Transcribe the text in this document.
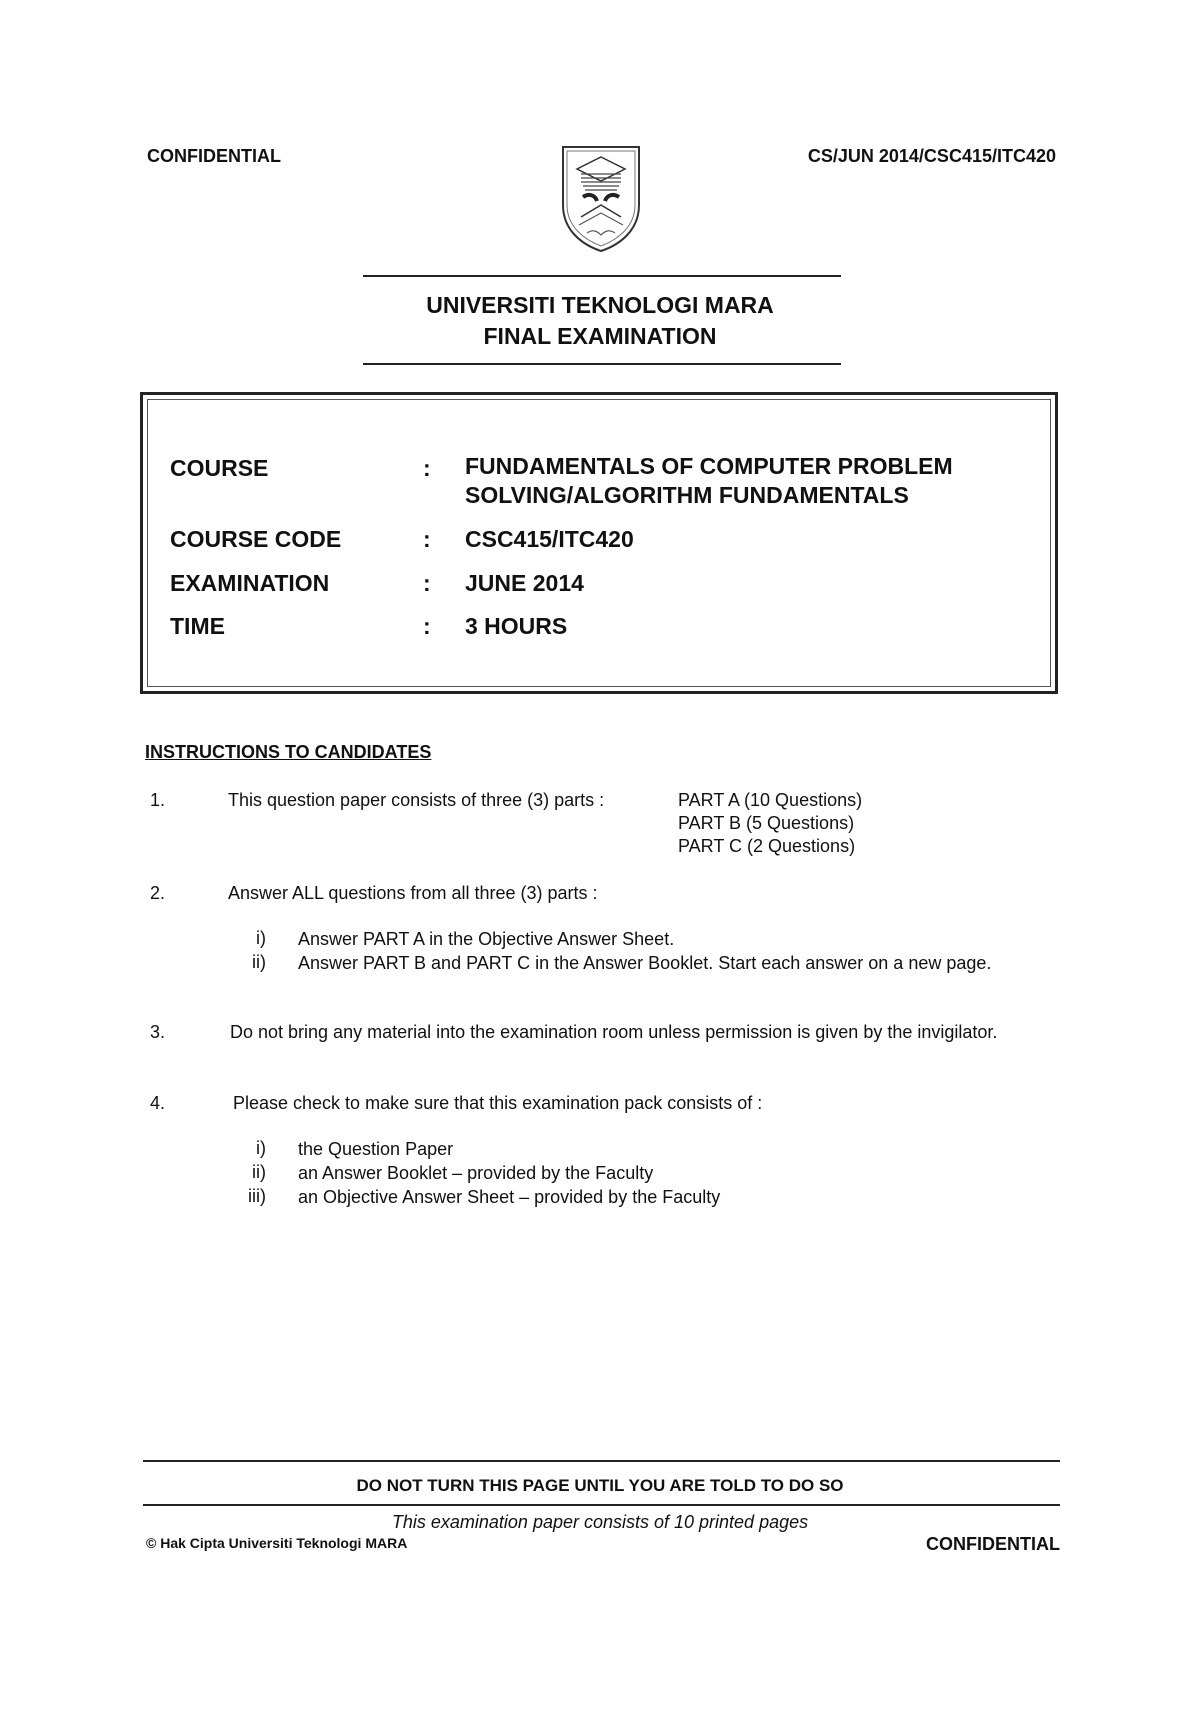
CONFIDENTIAL	CS/JUN 2014/CSC415/ITC420
UNIVERSITI TEKNOLOGI MARA
FINAL EXAMINATION
COURSE	: FUNDAMENTALS OF COMPUTER PROBLEM
SOLVING/ALGORITHM FUNDAMENTALS
COURSE CODE	: CSC415/ITC420
EXAMINATION	: JUNE 2014
TIME	: 3 HOURS
INSTRUCTIONS TO CANDIDATES
1.	This question paper consists of three (3) parts :	PART A (10 Questions)
PART B (5 Questions)
PART C (2 Questions)
2.	Answer ALL questions from all three (3) parts :
i) Answer PART A in the Objective Answer Sheet.
ii) Answer PART B and PART C in the Answer Booklet. Start each answer on a new page.
3.	Do not bring any material into the examination room unless permission is given by the invigilator.
4.	Please check to make sure that this examination pack consists of :
i) the Question Paper
ii) an Answer Booklet – provided by the Faculty
iii) an Objective Answer Sheet – provided by the Faculty
DO NOT TURN THIS PAGE UNTIL YOU ARE TOLD TO DO SO
This examination paper consists of 10 printed pages
© Hak Cipta Universiti Teknologi MARA	CONFIDENTIAL
